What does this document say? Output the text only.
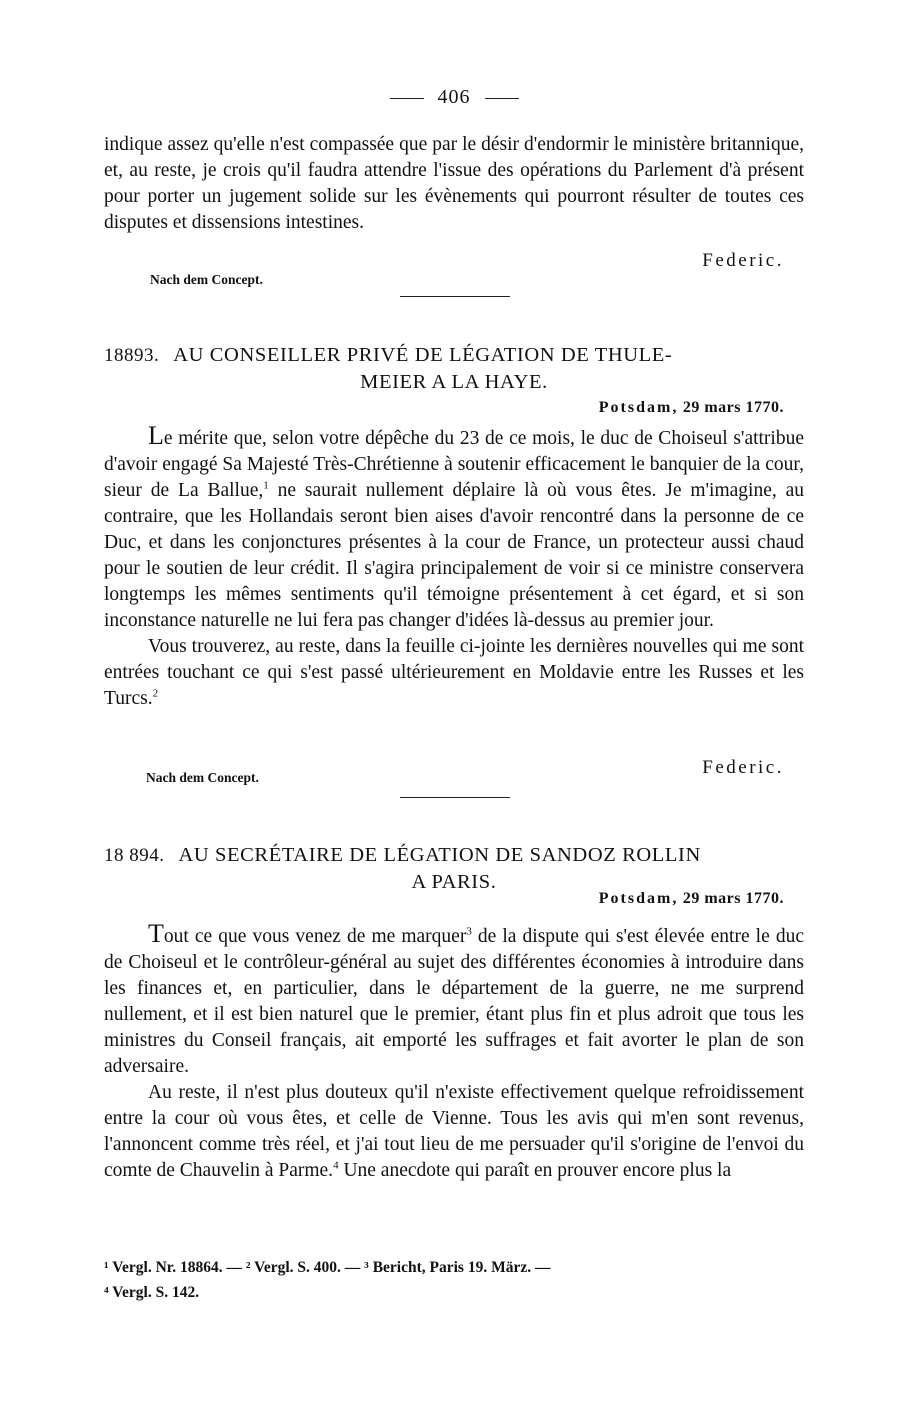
406

indique assez qu'elle n'est compassée que par le désir d'endormir le ministère britannique, et, au reste, je crois qu'il faudra attendre l'issue des opérations du Parlement d'à présent pour porter un jugement solide sur les évènements qui pourront résulter de toutes ces disputes et dissensions intestines.

Federic.
Nach dem Concept.
18893. AU CONSEILLER PRIVÉ DE LÉGATION DE THULE-
MEIER A LA HAYE.
Potsdam, 29 mars 1770.

Le mérite que, selon votre dépêche du 23 de ce mois, le duc de Choiseul s'attribue d'avoir engagé Sa Majesté Très-Chrétienne à soutenir efficacement le banquier de la cour, sieur de La Ballue,$^1$ ne saurait nullement déplaire là où vous êtes. Je m'imagine, au contraire, que les Hollandais seront bien aises d'avoir rencontré dans la personne de ce Duc, et dans les conjonctures présentes à la cour de France, un protecteur aussi chaud pour le soutien de leur crédit. Il s'agira principalement de voir si ce ministre conservera longtemps les mêmes sentiments qu'il témoigne présentement à cet égard, et si son inconstance naturelle ne lui fera pas changer d'idées là-dessus au premier jour.

Vous trouverez, au reste, dans la feuille ci-jointe les dernières nouvelles qui me sont entrées touchant ce qui s'est passé ultérieurement en Moldavie entre les Russes et les Turcs.$^2$

Federic.
Nach dem Concept.
18 894. AU SECRÉTAIRE DE LÉGATION DE SANDOZ ROLLIN
A PARIS.
Potsdam, 29 mars 1770.

Tout ce que vous venez de me marquer$^3$ de la dispute qui s'est élevée entre le duc de Choiseul et le contrôleur-général au sujet des différentes économies à introduire dans les finances et, en particulier, dans le département de la guerre, ne me surprend nullement, et il est bien naturel que le premier, étant plus fin et plus adroit que tous les ministres du Conseil français, ait emporté les suffrages et fait avorter le plan de son adversaire.

Au reste, il n'est plus douteux qu'il n'existe effectivement quelque refroidissement entre la cour où vous êtes, et celle de Vienne. Tous les avis qui m'en sont revenus, l'annoncent comme très réel, et j'ai tout lieu de me persuader qu'il s'origine de l'envoi du comte de Chauvelin à Parme.$^4$ Une anecdote qui paraît en prouver encore plus la

¹ Vergl. Nr. 18864. — ² Vergl. S. 400. — ³ Bericht, Paris 19. März. —
⁴ Vergl. S. 142.
